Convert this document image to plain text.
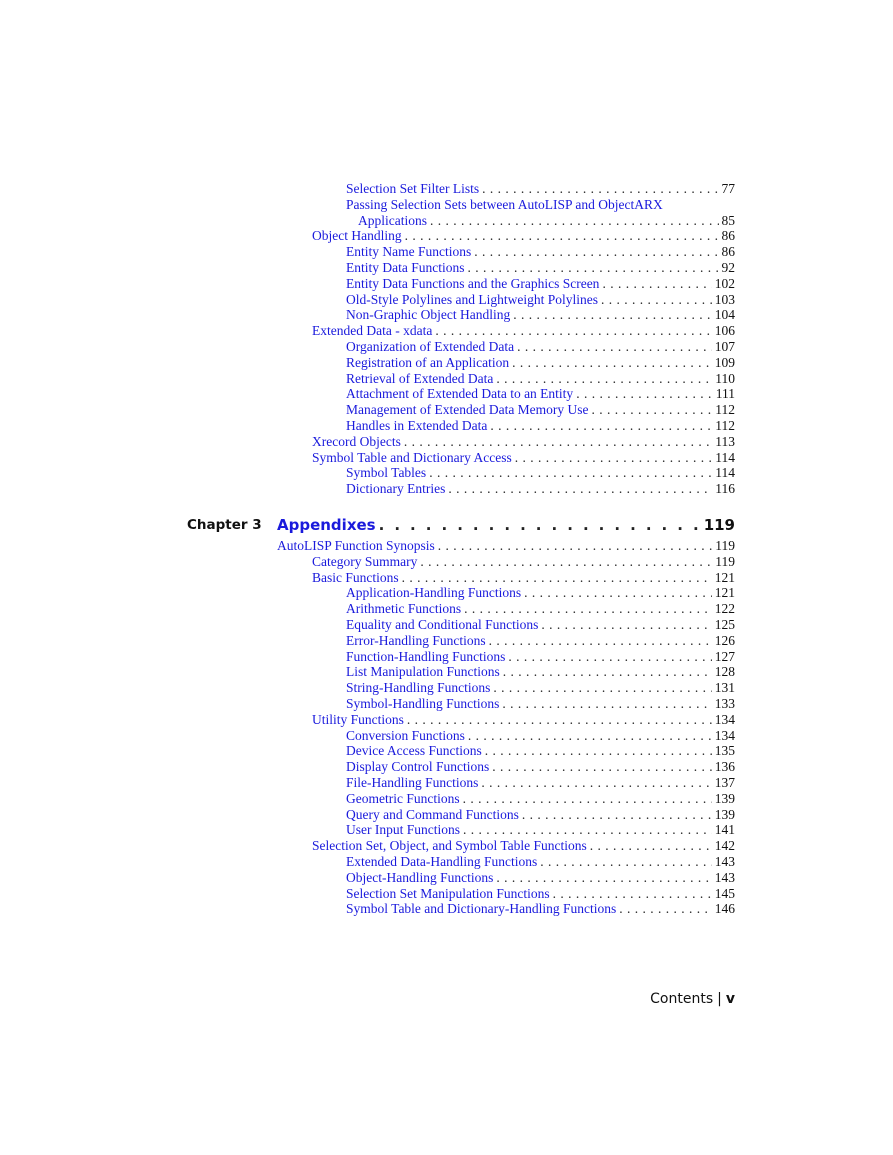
Selection Set Filter Lists . . .	77
Passing Selection Sets between AutoLISP and ObjectARX
Applications . . .	85
Object Handling . . .	86
Entity Name Functions . . .	86
Entity Data Functions . . .	92
Entity Data Functions and the Graphics Screen . . .	102
Old-Style Polylines and Lightweight Polylines . . .	103
Non-Graphic Object Handling . . .	104
Extended Data - xdata . . .	106
Organization of Extended Data . . .	107
Registration of an Application . . .	109
Retrieval of Extended Data . . .	110
Attachment of Extended Data to an Entity . . .	111
Management of Extended Data Memory Use . . .	112
Handles in Extended Data . . .	112
Xrecord Objects . . .	113
Symbol Table and Dictionary Access . . .	114
Symbol Tables . . .	114
Dictionary Entries . . .	116
Chapter 3 Appendixes . . .	119
AutoLISP Function Synopsis . . .	119
Category Summary . . .	119
Basic Functions . . .	121
Application-Handling Functions . . .	121
Arithmetic Functions . . .	122
Equality and Conditional Functions . . .	125
Error-Handling Functions . . .	126
Function-Handling Functions . . .	127
List Manipulation Functions . . .	128
String-Handling Functions . . .	131
Symbol-Handling Functions . . .	133
Utility Functions . . .	134
Conversion Functions . . .	134
Device Access Functions . . .	135
Display Control Functions . . .	136
File-Handling Functions . . .	137
Geometric Functions . . .	139
Query and Command Functions . . .	139
User Input Functions . . .	141
Selection Set, Object, and Symbol Table Functions . . .	142
Extended Data-Handling Functions . . .	143
Object-Handling Functions . . .	143
Selection Set Manipulation Functions . . .	145
Symbol Table and Dictionary-Handling Functions . . .	146
Contents | v
